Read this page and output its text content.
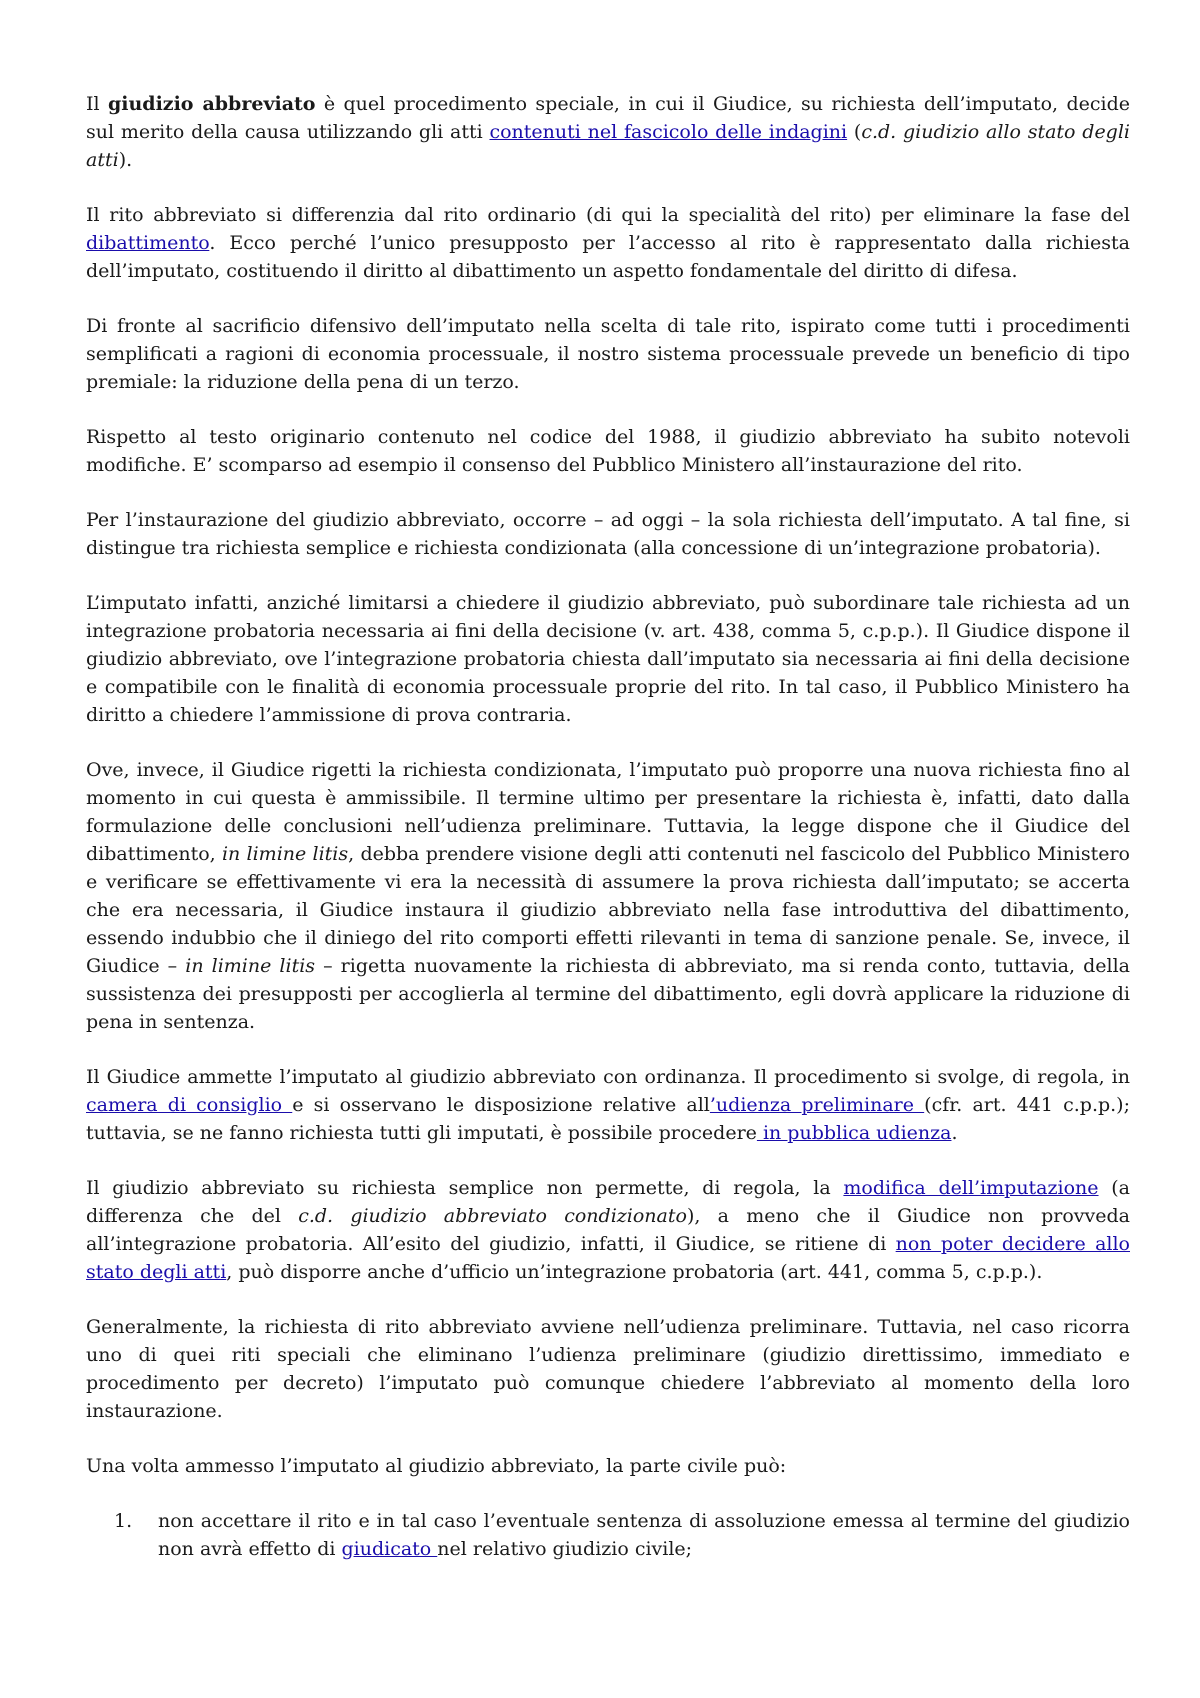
Il giudizio abbreviato è quel procedimento speciale, in cui il Giudice, su richiesta dell’imputato, decide sul merito della causa utilizzando gli atti contenuti nel fascicolo delle indagini (c.d. giudizio allo stato degli atti).

Il rito abbreviato si differenzia dal rito ordinario (di qui la specialità del rito) per eliminare la fase del dibattimento. Ecco perché l’unico presupposto per l’accesso al rito è rappresentato dalla richiesta dell’imputato, costituendo il diritto al dibattimento un aspetto fondamentale del diritto di difesa.

Di fronte al sacrificio difensivo dell’imputato nella scelta di tale rito, ispirato come tutti i procedimenti semplificati a ragioni di economia processuale, il nostro sistema processuale prevede un beneficio di tipo premiale: la riduzione della pena di un terzo.

Rispetto al testo originario contenuto nel codice del 1988, il giudizio abbreviato ha subito notevoli modifiche. E’ scomparso ad esempio il consenso del Pubblico Ministero all’instaurazione del rito.

Per l’instaurazione del giudizio abbreviato, occorre – ad oggi – la sola richiesta dell’imputato. A tal fine, si distingue tra richiesta semplice e richiesta condizionata (alla concessione di un’integrazione probatoria).

L’imputato infatti, anziché limitarsi a chiedere il giudizio abbreviato, può subordinare tale richiesta ad un integrazione probatoria necessaria ai fini della decisione (v. art. 438, comma 5, c.p.p.). Il Giudice dispone il giudizio abbreviato, ove l’integrazione probatoria chiesta dall’imputato sia necessaria ai fini della decisione e compatibile con le finalità di economia processuale proprie del rito. In tal caso, il Pubblico Ministero ha diritto a chiedere l’ammissione di prova contraria.

Ove, invece, il Giudice rigetti la richiesta condizionata, l’imputato può proporre una nuova richiesta fino al momento in cui questa è ammissibile. Il termine ultimo per presentare la richiesta è, infatti, dato dalla formulazione delle conclusioni nell’udienza preliminare. Tuttavia, la legge dispone che il Giudice del dibattimento, in limine litis, debba prendere visione degli atti contenuti nel fascicolo del Pubblico Ministero e verificare se effettivamente vi era la necessità di assumere la prova richiesta dall’imputato; se accerta che era necessaria, il Giudice instaura il giudizio abbreviato nella fase introduttiva del dibattimento, essendo indubbio che il diniego del rito comporti effetti rilevanti in tema di sanzione penale. Se, invece, il Giudice – in limine litis – rigetta nuovamente la richiesta di abbreviato, ma si renda conto, tuttavia, della sussistenza dei presupposti per accoglierla al termine del dibattimento, egli dovrà applicare la riduzione di pena in sentenza.

Il Giudice ammette l’imputato al giudizio abbreviato con ordinanza. Il procedimento si svolge, di regola, in camera di consiglio e si osservano le disposizione relative all’udienza preliminare (cfr. art. 441 c.p.p.); tuttavia, se ne fanno richiesta tutti gli imputati, è possibile procedere in pubblica udienza.

Il giudizio abbreviato su richiesta semplice non permette, di regola, la modifica dell’imputazione (a differenza che del c.d. giudizio abbreviato condizionato), a meno che il Giudice non provveda all’integrazione probatoria. All’esito del giudizio, infatti, il Giudice, se ritiene di non poter decidere allo stato degli atti, può disporre anche d’ufficio un’integrazione probatoria (art. 441, comma 5, c.p.p.).

Generalmente, la richiesta di rito abbreviato avviene nell’udienza preliminare. Tuttavia, nel caso ricorra uno di quei riti speciali che eliminano l’udienza preliminare (giudizio direttissimo, immediato e procedimento per decreto) l’imputato può comunque chiedere l’abbreviato al momento della loro instaurazione.

Una volta ammesso l’imputato al giudizio abbreviato, la parte civile può:

1.	non accettare il rito e in tal caso l’eventuale sentenza di assoluzione emessa al termine del giudizio non avrà effetto di giudicato nel relativo giudizio civile;
